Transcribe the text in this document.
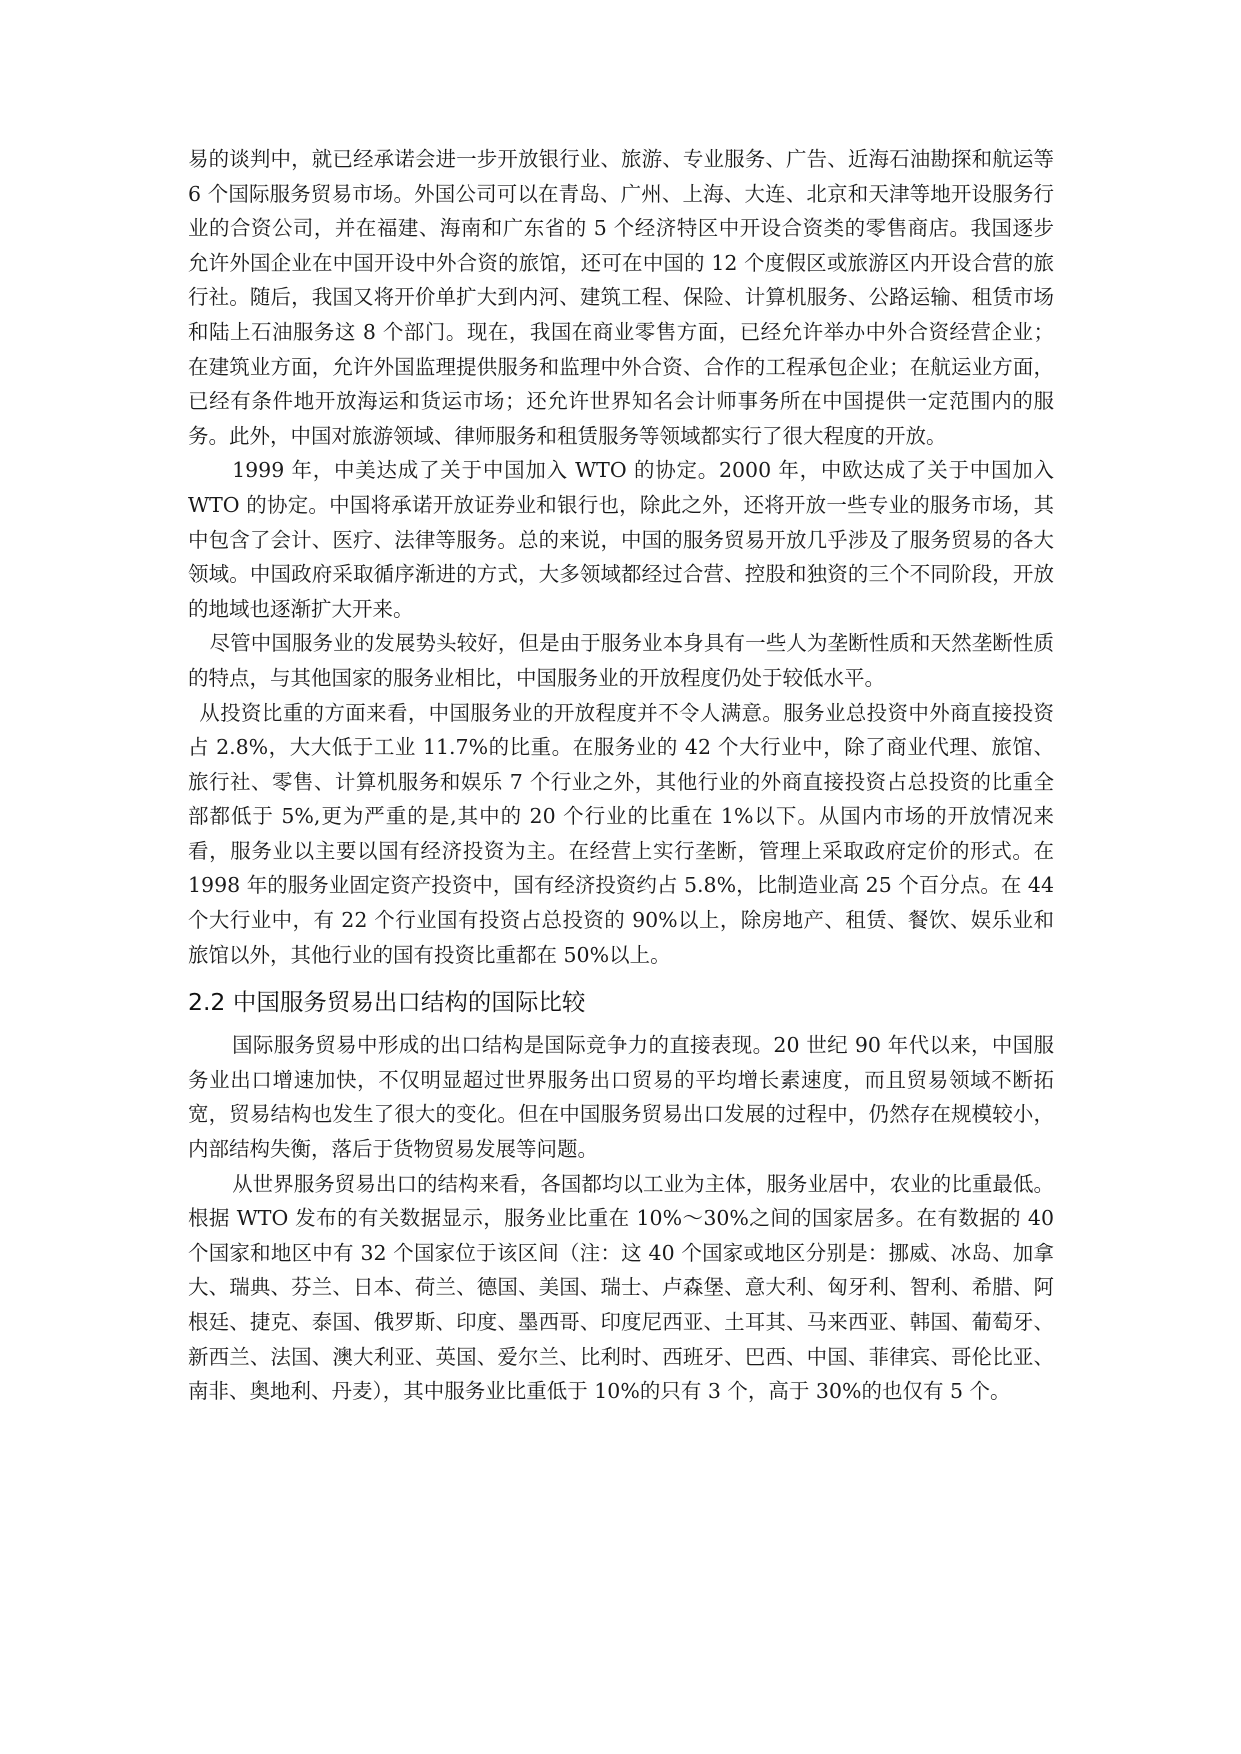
易的谈判中，就已经承诺会进一步开放银行业、旅游、专业服务、广告、近海石油勘探和航运等 6 个国际服务贸易市场。外国公司可以在青岛、广州、上海、大连、北京和天津等地开设服务行业的合资公司，并在福建、海南和广东省的 5 个经济特区中开设合资类的零售商店。我国逐步允许外国企业在中国开设中外合资的旅馆，还可在中国的 12 个度假区或旅游区内开设合营的旅行社。随后，我国又将开价单扩大到内河、建筑工程、保险、计算机服务、公路运输、租赁市场和陆上石油服务这 8 个部门。现在，我国在商业零售方面，已经允许举办中外合资经营企业；在建筑业方面，允许外国监理提供服务和监理中外合资、合作的工程承包企业；在航运业方面，已经有条件地开放海运和货运市场；还允许世界知名会计师事务所在中国提供一定范围内的服务。此外，中国对旅游领域、律师服务和租赁服务等领域都实行了很大程度的开放。

1999 年，中美达成了关于中国加入 WTO 的协定。2000 年，中欧达成了关于中国加入 WTO 的协定。中国将承诺开放证券业和银行也，除此之外，还将开放一些专业的服务市场，其中包含了会计、医疗、法律等服务。总的来说，中国的服务贸易开放几乎涉及了服务贸易的各大领域。中国政府采取循序渐进的方式，大多领域都经过合营、控股和独资的三个不同阶段，开放的地域也逐渐扩大开来。

尽管中国服务业的发展势头较好，但是由于服务业本身具有一些人为垄断性质和天然垄断性质的特点，与其他国家的服务业相比，中国服务业的开放程度仍处于较低水平。

从投资比重的方面来看，中国服务业的开放程度并不令人满意。服务业总投资中外商直接投资占 2.8%，大大低于工业 11.7%的比重。在服务业的 42 个大行业中，除了商业代理、旅馆、旅行社、零售、计算机服务和娱乐 7 个行业之外，其他行业的外商直接投资占总投资的比重全部都低于 5%,更为严重的是,其中的 20 个行业的比重在 1%以下。从国内市场的开放情况来看，服务业以主要以国有经济投资为主。在经营上实行垄断，管理上采取政府定价的形式。在 1998 年的服务业固定资产投资中，国有经济投资约占 5.8%，比制造业高 25 个百分点。在 44 个大行业中，有 22 个行业国有投资占总投资的 90%以上，除房地产、租赁、餐饮、娱乐业和旅馆以外，其他行业的国有投资比重都在 50%以上。

2.2 中国服务贸易出口结构的国际比较

国际服务贸易中形成的出口结构是国际竞争力的直接表现。20 世纪 90 年代以来，中国服务业出口增速加快，不仅明显超过世界服务出口贸易的平均增长素速度，而且贸易领域不断拓宽，贸易结构也发生了很大的变化。但在中国服务贸易出口发展的过程中，仍然存在规模较小，内部结构失衡，落后于货物贸易发展等问题。

从世界服务贸易出口的结构来看，各国都均以工业为主体，服务业居中，农业的比重最低。根据 WTO 发布的有关数据显示，服务业比重在 10%～30%之间的国家居多。在有数据的 40 个国家和地区中有 32 个国家位于该区间（注：这 40 个国家或地区分别是：挪威、冰岛、加拿大、瑞典、芬兰、日本、荷兰、德国、美国、瑞士、卢森堡、意大利、匈牙利、智利、希腊、阿根廷、捷克、泰国、俄罗斯、印度、墨西哥、印度尼西亚、土耳其、马来西亚、韩国、葡萄牙、新西兰、法国、澳大利亚、英国、爱尔兰、比利时、西班牙、巴西、中国、菲律宾、哥伦比亚、南非、奥地利、丹麦），其中服务业比重低于 10%的只有 3 个，高于 30%的也仅有 5 个。
